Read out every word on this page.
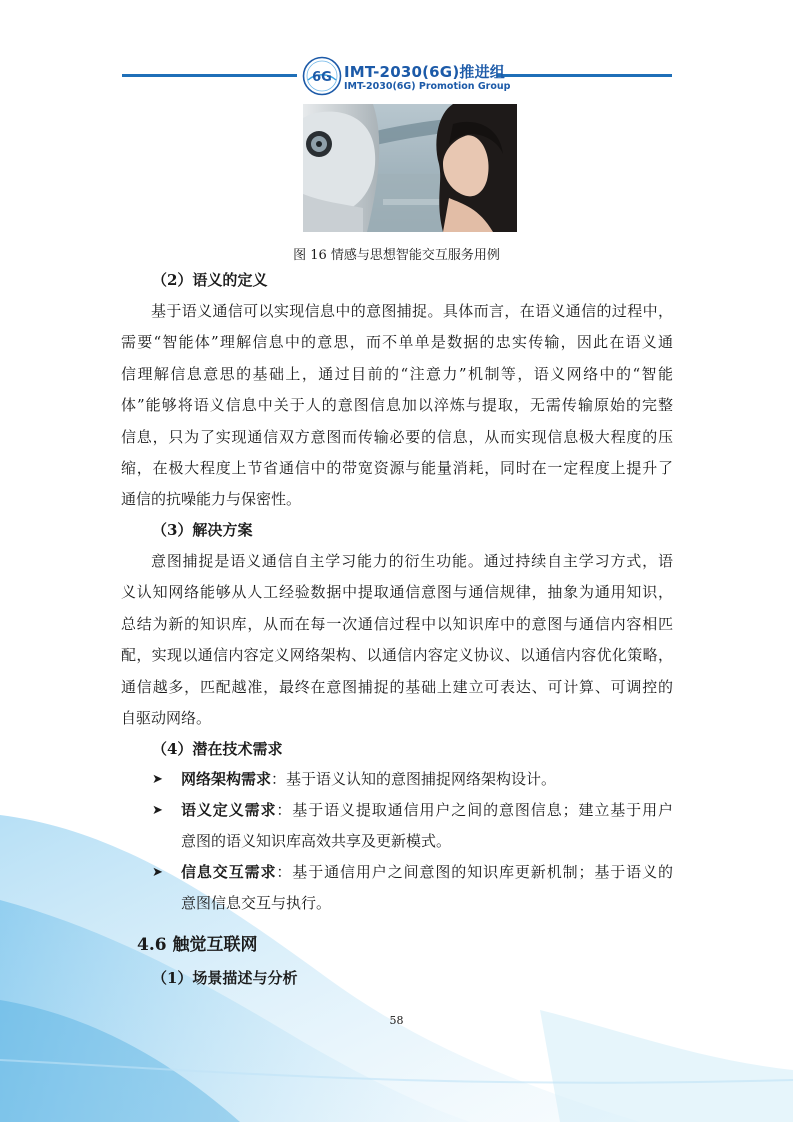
6G IMT-2030(6G)推进组
IMT-2030(6G) Promotion Group
图 16 情感与思想智能交互服务用例
（2）语义的定义
基于语义通信可以实现信息中的意图捕捉。具体而言，在语义通信的过程中，
需要“智能体”理解信息中的意思，而不单单是数据的忠实传输，因此在语义通
信理解信息意思的基础上，通过目前的“注意力”机制等，语义网络中的“智能
体”能够将语义信息中关于人的意图信息加以淬炼与提取，无需传输原始的完整
信息，只为了实现通信双方意图而传输必要的信息，从而实现信息极大程度的压
缩，在极大程度上节省通信中的带宽资源与能量消耗，同时在一定程度上提升了
通信的抗噪能力与保密性。
（3）解决方案
意图捕捉是语义通信自主学习能力的衍生功能。通过持续自主学习方式，语
义认知网络能够从人工经验数据中提取通信意图与通信规律，抽象为通用知识，
总结为新的知识库，从而在每一次通信过程中以知识库中的意图与通信内容相匹
配，实现以通信内容定义网络架构、以通信内容定义协议、以通信内容优化策略，
通信越多，匹配越准，最终在意图捕捉的基础上建立可表达、可计算、可调控的
自驱动网络。
（4）潜在技术需求
➤ 网络架构需求：基于语义认知的意图捕捉网络架构设计。
➤ 语义定义需求：基于语义提取通信用户之间的意图信息；建立基于用户
意图的语义知识库高效共享及更新模式。
➤ 信息交互需求：基于通信用户之间意图的知识库更新机制；基于语义的
意图信息交互与执行。
4.6 触觉互联网
（1）场景描述与分析
58
